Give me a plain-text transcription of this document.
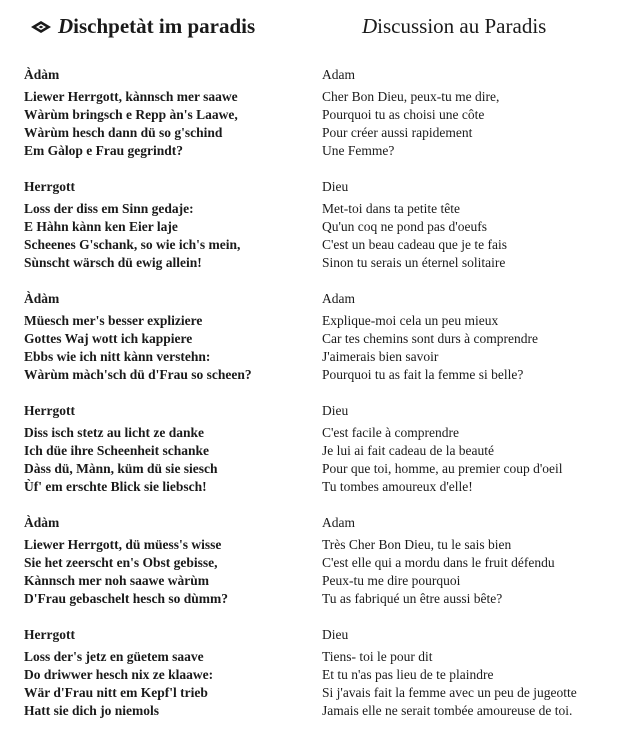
D ischpetàt im paradis	Discussion au Paradis
Àdàm
Liewer Herrgott, kànnsch mer saawe
Wàrùm bringsch e Repp àn's Laawe,
Wàrùm hesch dann dü so g'schind
Em Gàlop e Frau gegrindt?
Herrgott
Loss der diss em Sinn gedaje:
E Hàhn kànn ken Eier laje
Scheenes G'schank, so wie ich's mein,
Sùnscht wärsch dü ewig allein!
Àdàm
Müesch mer's besser expliziere
Gottes Waj wott ich kappiere
Ebbs wie ich nitt kànn verstehn:
Wàrùm màch'sch dü d'Frau so scheen?
Herrgott
Diss isch stetz au licht ze danke
Ich düe ihre Scheenheit schanke
Dàss dü, Mànn, küm dü sie siesch
Ùf' em erschte Blick sie liebsch!
Àdàm
Liewer Herrgott, dü müess's wisse
Sie het zeerscht en's Obst gebisse,
Kànnsch mer noh saawe wàrùm
D'Frau gebaschelt hesch so dùmm?
Herrgott
Loss der's jetz en güetem saave
Do driwwer hesch nix ze klaawe:
Wär d'Frau nitt em Kepf'l trieb
Hatt sie dich jo niemols
Adam
Cher Bon Dieu, peux-tu me dire,
Pourquoi tu as choisi une côte
Pour créer aussi rapidement
Une Femme?
Dieu
Met-toi dans ta petite tête
Qu'un coq ne pond pas d'oeufs
C'est un beau cadeau que je te fais
Sinon tu serais un éternel solitaire
Adam
Explique-moi cela un peu mieux
Car tes chemins sont durs à comprendre
J'aimerais bien savoir
Pourquoi tu as fait la femme si belle?
Dieu
C'est facile à comprendre
Je lui ai fait cadeau de la beauté
Pour que toi, homme, au premier coup d'oeil
Tu tombes amoureux d'elle!
Adam
Très Cher Bon Dieu, tu le sais bien
C'est elle qui a mordu dans le fruit défendu
Peux-tu me dire pourquoi
Tu as fabriqué un être aussi bête?
Dieu
Tiens- toi le pour dit
Et tu n'as pas lieu de te plaindre
Si j'avais fait la femme avec un peu de jugeotte
Jamais elle ne serait tombée amoureuse de toi.
